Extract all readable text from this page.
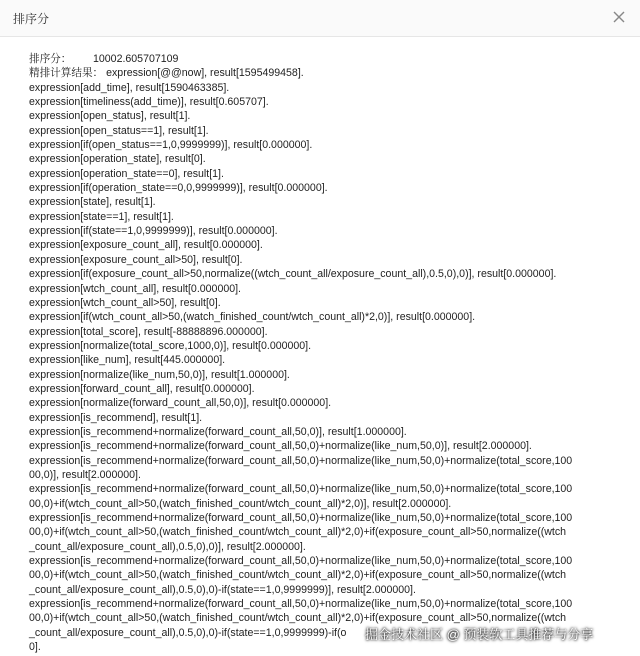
排序分
排序分： 10002.605707109
精排计算结果： expression[@@now], result[1595499458].
expression[add_time], result[1590463385].
expression[timeliness(add_time)], result[0.605707].
expression[open_status], result[1].
expression[open_status==1], result[1].
expression[if(open_status==1,0,9999999)], result[0.000000].
expression[operation_state], result[0].
expression[operation_state==0], result[1].
expression[if(operation_state==0,0,9999999)], result[0.000000].
expression[state], result[1].
expression[state==1], result[1].
expression[if(state==1,0,9999999)], result[0.000000].
expression[exposure_count_all], result[0.000000].
expression[exposure_count_all>50], result[0].
expression[if(exposure_count_all>50,normalize((wtch_count_all/exposure_count_all),0.5,0),0)], result[0.000000].
expression[wtch_count_all], result[0.000000].
expression[wtch_count_all>50], result[0].
expression[if(wtch_count_all>50,(watch_finished_count/wtch_count_all)*2,0)], result[0.000000].
expression[total_score], result[-88888896.000000].
expression[normalize(total_score,1000,0)], result[0.000000].
expression[like_num], result[445.000000].
expression[normalize(like_num,50,0)], result[1.000000].
expression[forward_count_all], result[0.000000].
expression[normalize(forward_count_all,50,0)], result[0.000000].
expression[is_recommend], result[1].
expression[is_recommend+normalize(forward_count_all,50,0)], result[1.000000].
expression[is_recommend+normalize(forward_count_all,50,0)+normalize(like_num,50,0)], result[2.000000].
expression[is_recommend+normalize(forward_count_all,50,0)+normalize(like_num,50,0)+normalize(total_score,100
00,0)], result[2.000000].
expression[is_recommend+normalize(forward_count_all,50,0)+normalize(like_num,50,0)+normalize(total_score,100
00,0)+if(wtch_count_all>50,(watch_finished_count/wtch_count_all)*2,0)], result[2.000000].
expression[is_recommend+normalize(forward_count_all,50,0)+normalize(like_num,50,0)+normalize(total_score,100
00,0)+if(wtch_count_all>50,(watch_finished_count/wtch_count_all)*2,0)+if(exposure_count_all>50,normalize((wtch
_count_all/exposure_count_all),0.5,0),0)], result[2.000000].
expression[is_recommend+normalize(forward_count_all,50,0)+normalize(like_num,50,0)+normalize(total_score,100
00,0)+if(wtch_count_all>50,(watch_finished_count/wtch_count_all)*2,0)+if(exposure_count_all>50,normalize((wtch
_count_all/exposure_count_all),0.5,0),0)-if(state==1,0,9999999)], result[2.000000].
expression[is_recommend+normalize(forward_count_all,50,0)+normalize(like_num,50,0)+normalize(total_score,100
00,0)+if(wtch_count_all>50,(watch_finished_count/wtch_count_all)*2,0)+if(exposure_count_all>50,normalize((wtch
_count_all/exposure_count_all),0.5,0),0)-if(state==1,0,9999999)-if(o
0].
掘金技术社区 @ 预装软工具推荐与分享
